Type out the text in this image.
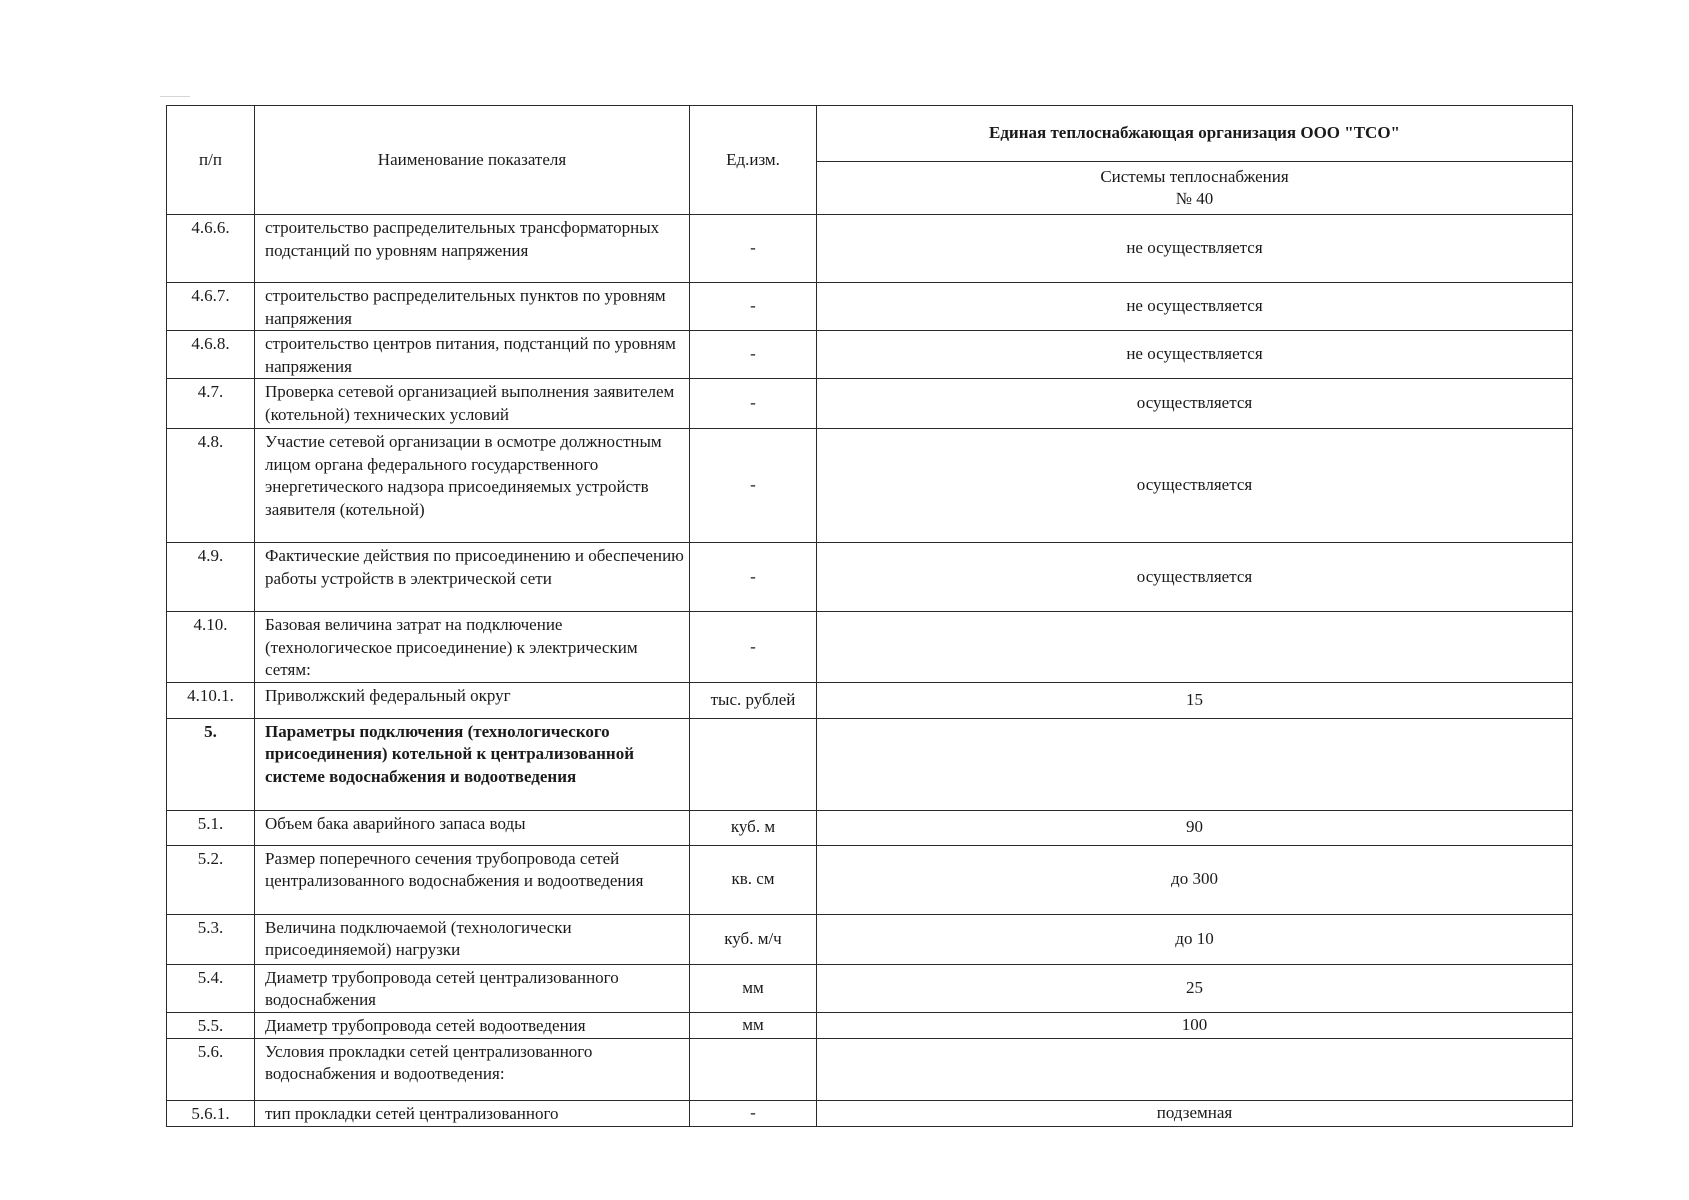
п/п	Наименование показателя	Ед.изм.	Единая теплоснабжающая организация ООО "ТСО"

			Системы теплоснабжения
№ 40

4.6.6.	строительство распределительных трансформаторных подстанций по уровням напряжения	-	не осуществляется
4.6.7.	строительство распределительных пунктов по уровням напряжения	-	не осуществляется
4.6.8.	строительство центров питания, подстанций по уровням напряжения	-	не осуществляется
4.7.	Проверка сетевой организацией выполнения заявителем (котельной) технических условий	-	осуществляется
4.8.	Участие сетевой организации в осмотре должностным лицом органа федерального государственного энергетического надзора присоединяемых устройств заявителя (котельной)	-	осуществляется
4.9.	Фактические действия по присоединению и обеспечению работы устройств в электрической сети	-	осуществляется
4.10.	Базовая величина затрат на подключение (технологическое присоединение) к электрическим сетям:	-	
4.10.1.	Приволжский федеральный округ	тыс. рублей	15
5.	Параметры подключения (технологического присоединения) котельной к централизованной системе водоснабжения и водоотведения		
5.1.	Объем бака аварийного запаса воды	куб. м	90
5.2.	Размер поперечного сечения трубопровода сетей централизованного водоснабжения и водоотведения	кв. см	до 300
5.3.	Величина подключаемой (технологически присоединяемой) нагрузки	куб. м/ч	до 10
5.4.	Диаметр трубопровода сетей централизованного водоснабжения	мм	25
5.5.	Диаметр трубопровода сетей водоотведения	мм	100
5.6.	Условия прокладки сетей централизованного водоснабжения и водоотведения:		
5.6.1.	тип прокладки сетей централизованного	-	подземная
